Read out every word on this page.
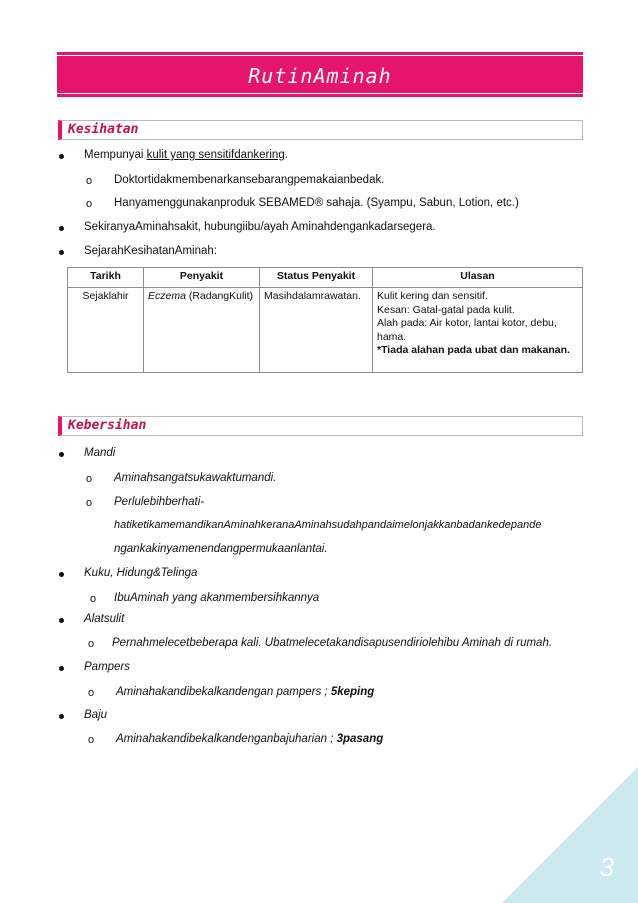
RutinAminah
Kesihatan
Mempunyai kulit yang sensitifdankering.
o Doktortidakmembenarkansebarangpemakaianbedak.
o Hanyamenggunakanproduk SEBAMED® sahaja. (Syampu, Sabun, Lotion, etc.)
SekiranyaAminahsakit, hubungiibu/ayah Aminahdengankadarsegera.
SejarahKesihatanAminah:
Tarikh	Penyakit	Status Penyakit	Ulasan
Sejaklahir	Eczema (RadangKulit)	Masihdalamrawatan.	Kulit kering dan sensitif.
Kesan: Gatal-gatal pada kulit.
Alah pada: Air kotor, lantai kotor, debu, hama.
*Tiada alahan pada ubat dan makanan.
Kebersihan
Mandi
o Aminahsangatsukawaktumandi.
o Perlulebihberhati-
hatiketikamemandikanAminahkeranaAminahsudahpandaimelonjakkanbadankedepande
ngankakinyamenendangpermukaanlantai.
Kuku, Hidung&Telinga
o IbuAminah yang akanmembersihkannya
Alatsulit
o Pernahmelecetbeberapa kali. Ubatmelecetakandisapusendiriolehibu Aminah di rumah.
Pampers
o Aminahakandibekalkandengan pampers ; 5keping
Baju
o Aminahakandibekalkandenganbajuharian ; 3pasang
3
